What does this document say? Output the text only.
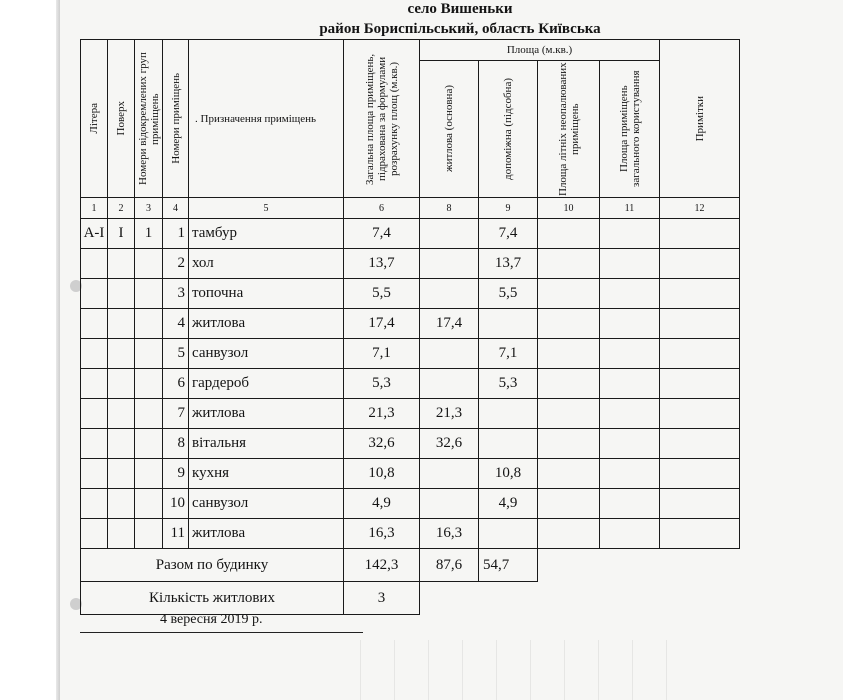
село Вишеньки
район Бориспільський, область Київська
Літера	Поверх	Номери відокремлених груп приміщень	Номери приміщень	. Призначення приміщень	Загальна площа приміщень, підрахована за формулами розрахунку площ (м.кв.)	Площа (м.кв.)				Примітки

						житлова (основна)	допоміжна (підсобна)	Площа літніх неопалюваних приміщень	Площа приміщень загального користування	

1	2	3	4	5	6	8	9	10	11	12
А-І	І	1	1	тамбур	7,4		7,4			
			2	хол	13,7		13,7			
			3	топочна	5,5		5,5			
			4	житлова	17,4	17,4				
			5	санвузол	7,1		7,1			
			6	гардероб	5,3		5,3			
			7	житлова	21,3	21,3				
			8	вітальня	32,6	32,6				
			9	кухня	10,8		10,8			
			10	санвузол	4,9		4,9			
			11	житлова	16,3	16,3				
Разом по будинку					142,3	87,6	54,7			
Кількість житлових					3					
4 вересня 2019 р.
